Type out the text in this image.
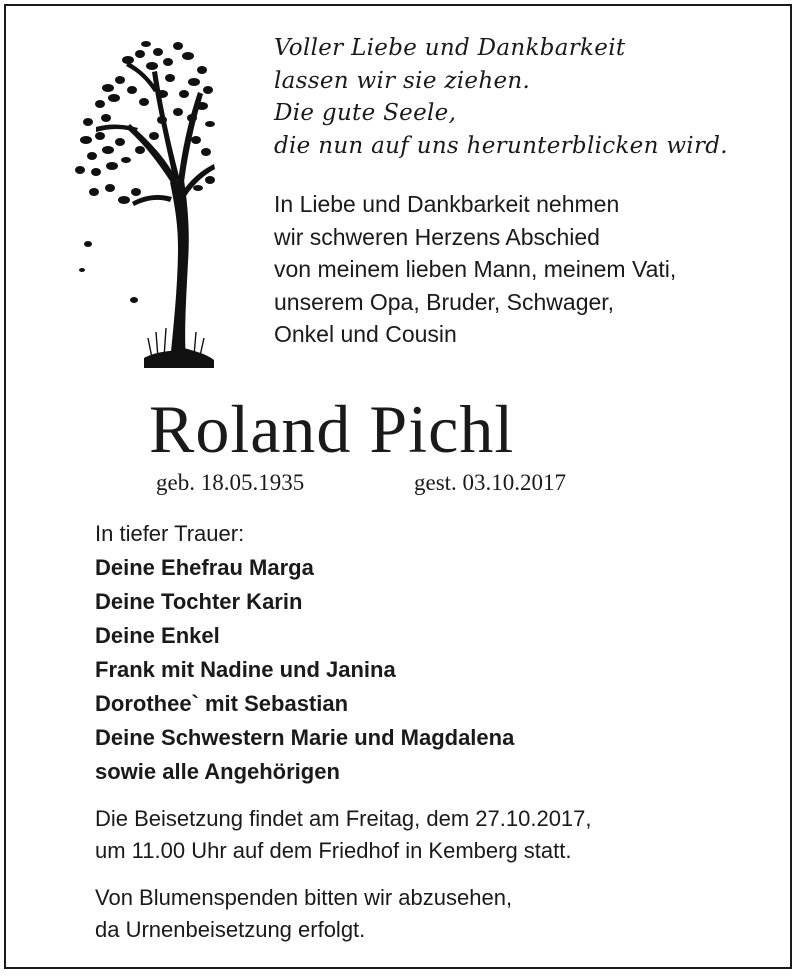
Voller Liebe und Dankbarkeit
lassen wir sie ziehen.
Die gute Seele,
die nun auf uns herunterblicken wird.
In Liebe und Dankbarkeit nehmen
wir schweren Herzens Abschied
von meinem lieben Mann, meinem Vati,
unserem Opa, Bruder, Schwager,
Onkel und Cousin
Roland Pichl
geb. 18.05.1935	gest. 03.10.2017
In tiefer Trauer:
Deine Ehefrau Marga
Deine Tochter Karin
Deine Enkel
Frank mit Nadine und Janina
Dorothee` mit Sebastian
Deine Schwestern Marie und Magdalena
sowie alle Angehörigen
Die Beisetzung findet am Freitag, dem 27.10.2017,
um 11.00 Uhr auf dem Friedhof in Kemberg statt.
Von Blumenspenden bitten wir abzusehen,
da Urnenbeisetzung erfolgt.
